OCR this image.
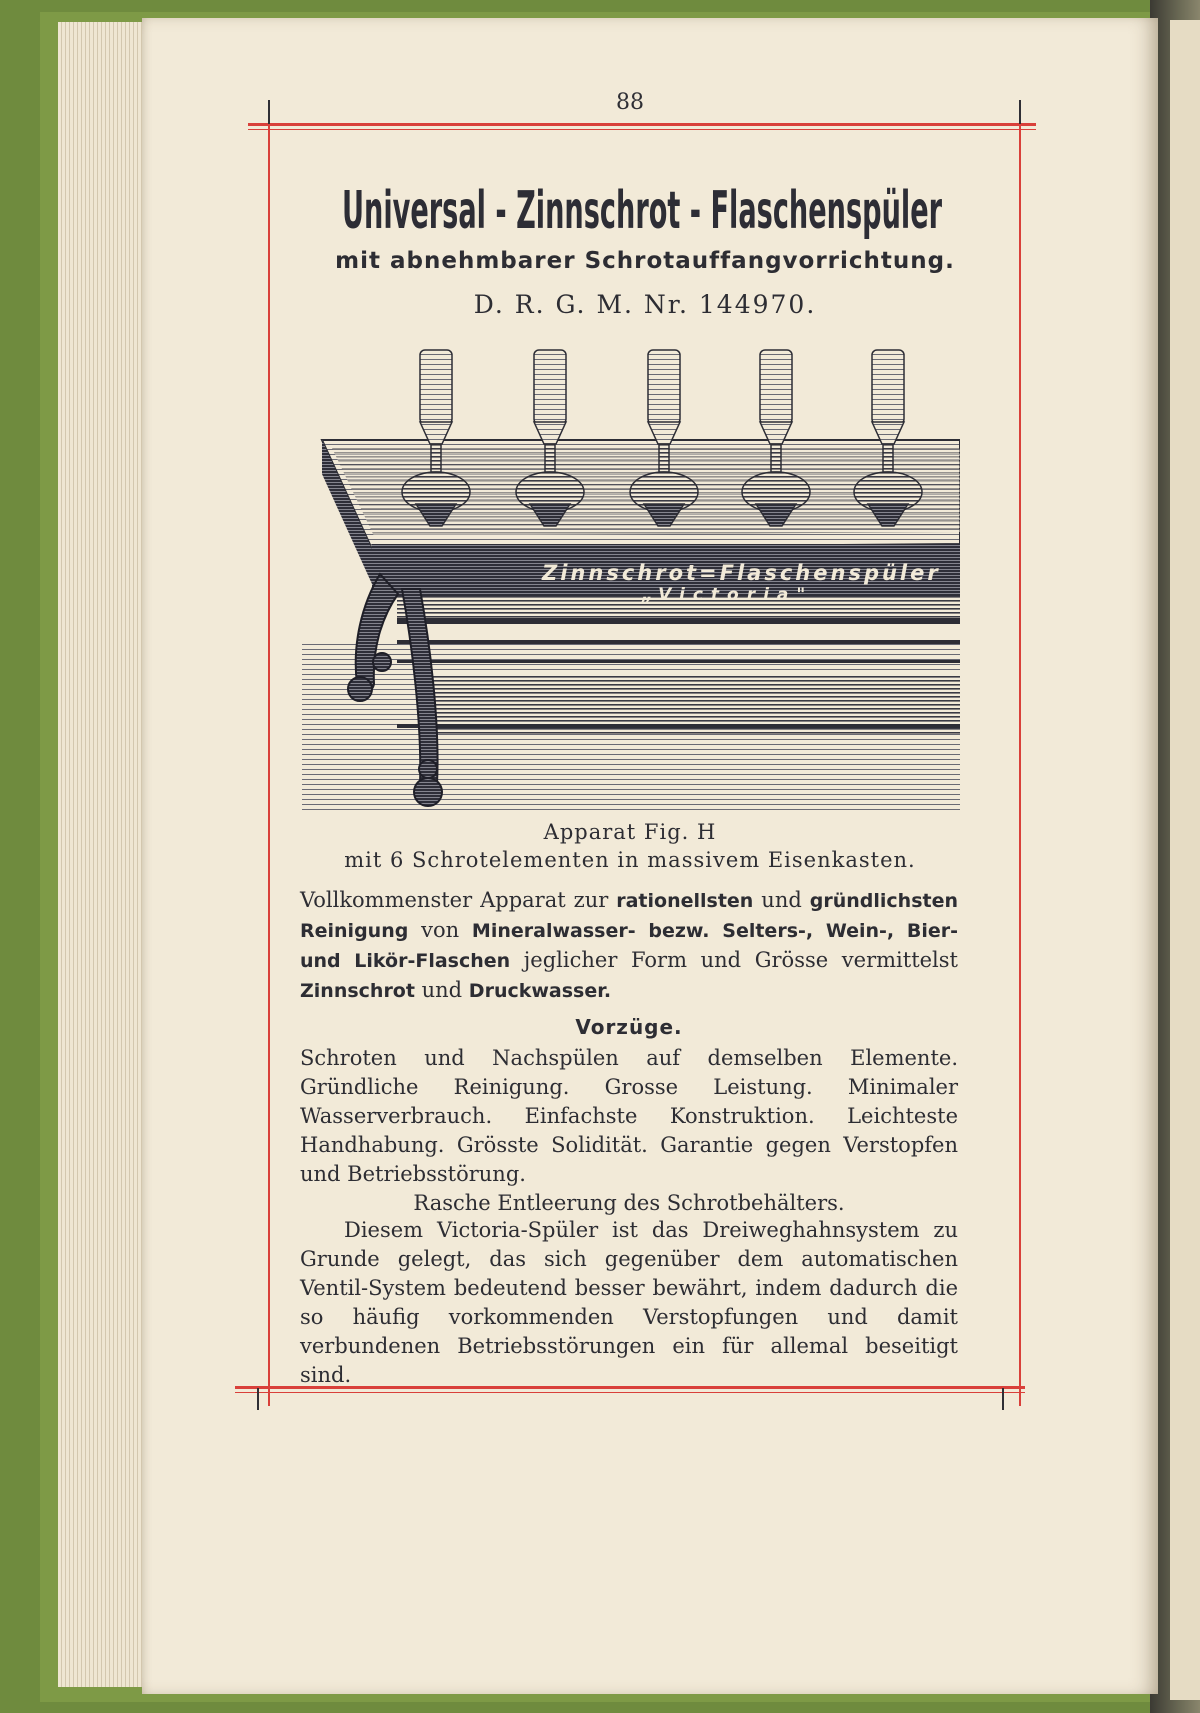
88
Universal - Zinnschrot - Flaschenspüler
mit abnehmbarer Schrotauffangvorrichtung.
D. R. G. M. Nr. 144970.
Zinnschrot=Flaschenspüler
„Victoria"
Apparat Fig. H
mit 6 Schrotelementen in massivem Eisenkasten.

Vollkommenster Apparat zur rationellsten und gründlichsten Reinigung von Mineralwasser- bezw. Selters-, Wein-, Bier- und Likör-Flaschen jeglicher Form und Grösse vermittelst Zinnschrot und Druckwasser.

Vorzüge.

Schroten und Nachspülen auf demselben Elemente. Gründliche Reinigung. Grosse Leistung. Minimaler Wasserverbrauch. Einfachste Konstruktion. Leichteste Handhabung. Grösste Solidität. Garantie gegen Verstopfen und Betriebsstörung.

Rasche Entleerung des Schrotbehälters.

Diesem Victoria-Spüler ist das Dreiweghahnsystem zu Grunde gelegt, das sich gegenüber dem automatischen Ventil-System bedeutend besser bewährt, indem dadurch die so häufig vorkommenden Verstopfungen und damit verbundenen Betriebsstörungen ein für allemal beseitigt sind.
